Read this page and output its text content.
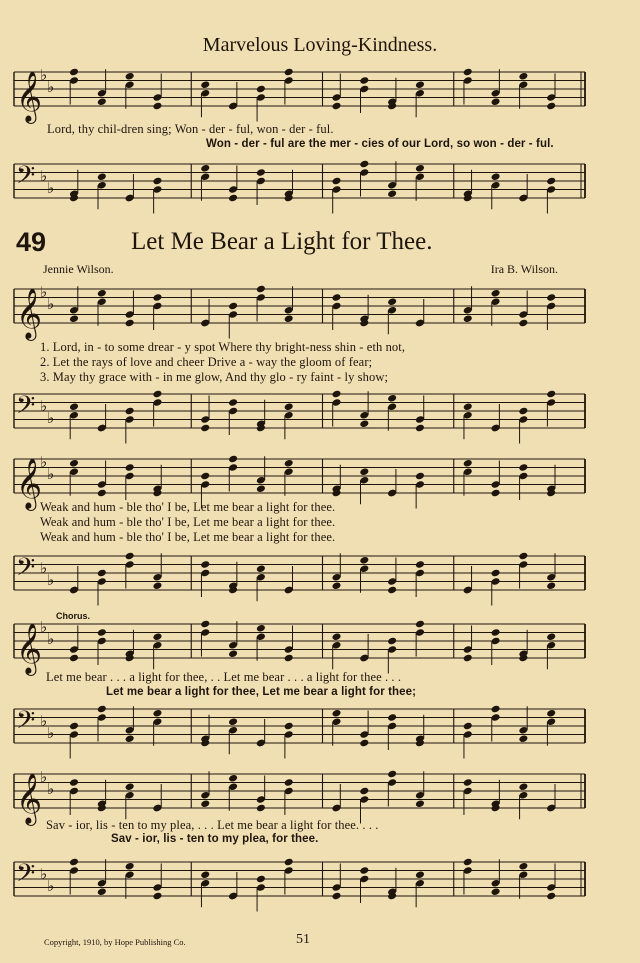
Marvelous Loving-Kindness.
𝄞
♭
♭
Lord, thy chil-dren sing; Won - der - ful, won - der - ful.
Won - der - ful are the mer - cies of our Lord, so won - der - ful.
𝄢 ♭
♭
49	Let Me Bear a Light for Thee.
Jennie Wilson.	Ira B. Wilson.
𝄞
♭
♭
1. Lord, in - to some drear - y spot Where thy bright-ness shin - eth not,
2. Let the rays of love and cheer Drive a - way the gloom of fear;
3. May thy grace with - in me glow, And thy glo - ry faint - ly show;
𝄢 ♭
♭
𝄞
♭
♭
Weak and hum - ble tho' I be, Let me bear a light for thee.
Weak and hum - ble tho' I be, Let me bear a light for thee.
Weak and hum - ble tho' I be, Let me bear a light for thee.
𝄢 ♭
♭
Chorus.
𝄞
♭
♭
Let me bear . . . a light for thee, . . Let me bear . . . a light for thee . . .
Let me bear a light for thee, Let me bear a light for thee;
𝄢 ♭
♭
𝄞
♭
♭
Sav - ior, lis - ten to my plea, . . . Let me bear a light for thee. . . .
Sav - ior, lis - ten to my plea, for thee.
𝄢 ♭
♭
Copyright, 1910, by Hope Publishing Co.	51
